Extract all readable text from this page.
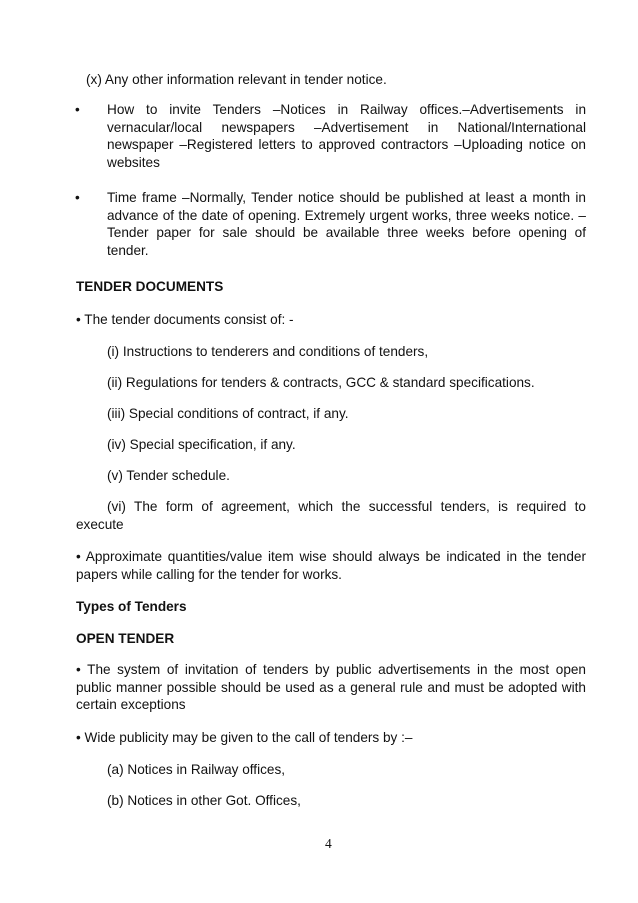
(x) Any other information relevant in tender notice.

• How to invite Tenders –Notices in Railway offices.–Advertisements in vernacular/local newspapers –Advertisement in National/International newspaper –Registered letters to approved contractors –Uploading notice on websites

• Time frame –Normally, Tender notice should be published at least a month in advance of the date of opening. Extremely urgent works, three weeks notice. –Tender paper for sale should be available three weeks before opening of tender.

TENDER DOCUMENTS

• The tender documents consist of: -

(i) Instructions to tenderers and conditions of tenders,

(ii) Regulations for tenders & contracts, GCC & standard specifications.

(iii) Special conditions of contract, if any.

(iv) Special specification, if any.

(v) Tender schedule.

(vi) The form of agreement, which the successful tenders, is required to execute

• Approximate quantities/value item wise should always be indicated in the tender papers while calling for the tender for works.

Types of Tenders
OPEN TENDER

• The system of invitation of tenders by public advertisements in the most open public manner possible should be used as a general rule and must be adopted with certain exceptions

• Wide publicity may be given to the call of tenders by :–

(a) Notices in Railway offices,

(b) Notices in other Got. Offices,

4
